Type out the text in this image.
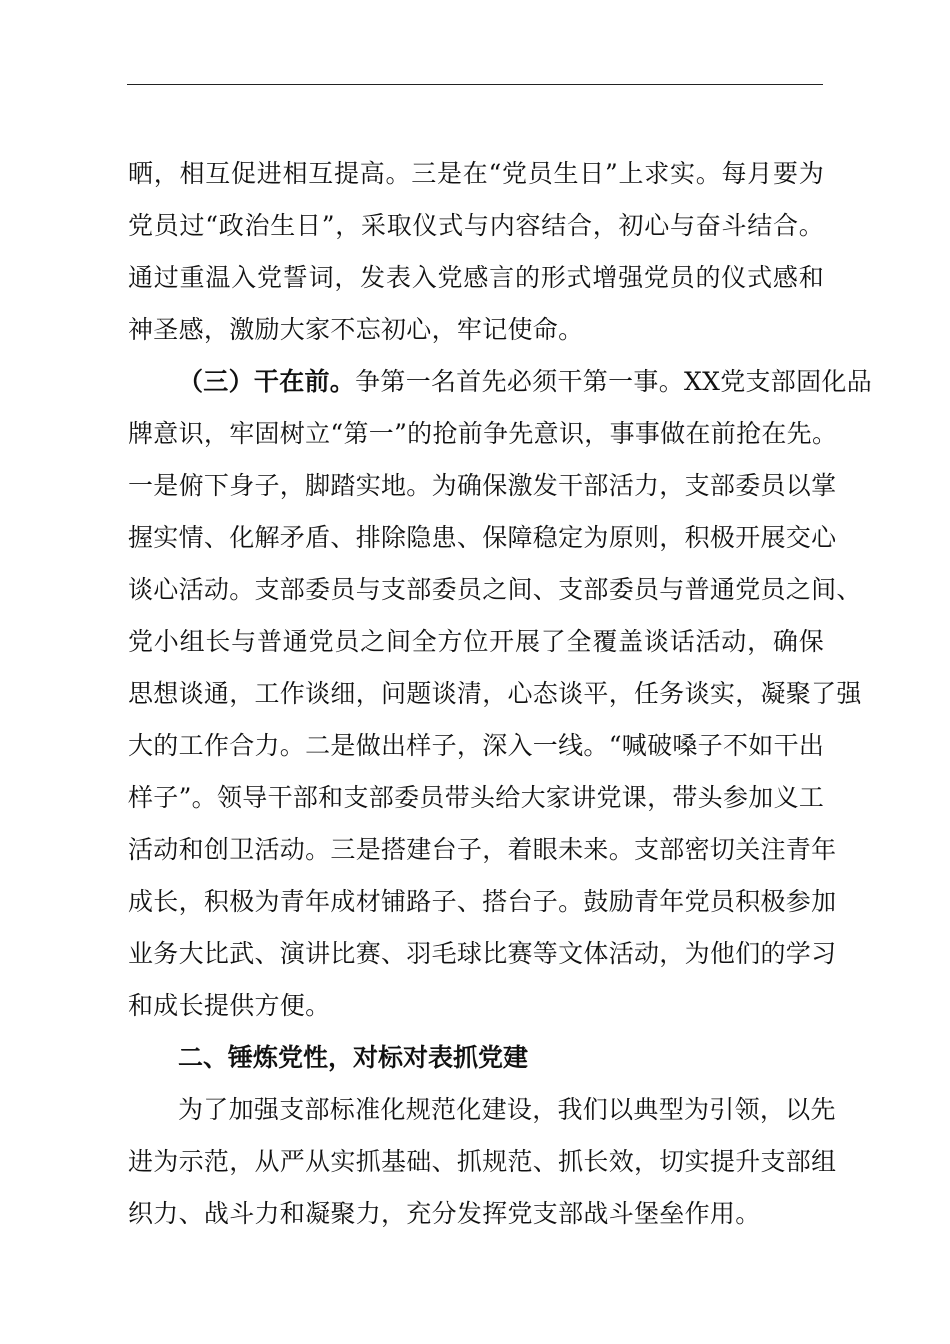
晒，相互促进相互提高。三是在“党员生日”上求实。每月要为
党员过“政治生日”，采取仪式与内容结合，初心与奋斗结合。
通过重温入党誓词，发表入党感言的形式增强党员的仪式感和
神圣感，激励大家不忘初心，牢记使命。
（三）干在前。争第一名首先必须干第一事。XX党支部固化品
牌意识，牢固树立“第一”的抢前争先意识，事事做在前抢在先。
一是俯下身子，脚踏实地。为确保激发干部活力，支部委员以掌
握实情、化解矛盾、排除隐患、保障稳定为原则，积极开展交心
谈心活动。支部委员与支部委员之间、支部委员与普通党员之间、
党小组长与普通党员之间全方位开展了全覆盖谈话活动，确保
思想谈通，工作谈细，问题谈清，心态谈平，任务谈实，凝聚了强
大的工作合力。二是做出样子，深入一线。“喊破嗓子不如干出
样子”。领导干部和支部委员带头给大家讲党课，带头参加义工
活动和创卫活动。三是搭建台子，着眼未来。支部密切关注青年
成长，积极为青年成材铺路子、搭台子。鼓励青年党员积极参加
业务大比武、演讲比赛、羽毛球比赛等文体活动，为他们的学习
和成长提供方便。
二、锤炼党性，对标对表抓党建
为了加强支部标准化规范化建设，我们以典型为引领，以先
进为示范，从严从实抓基础、抓规范、抓长效，切实提升支部组
织力、战斗力和凝聚力，充分发挥党支部战斗堡垒作用。
